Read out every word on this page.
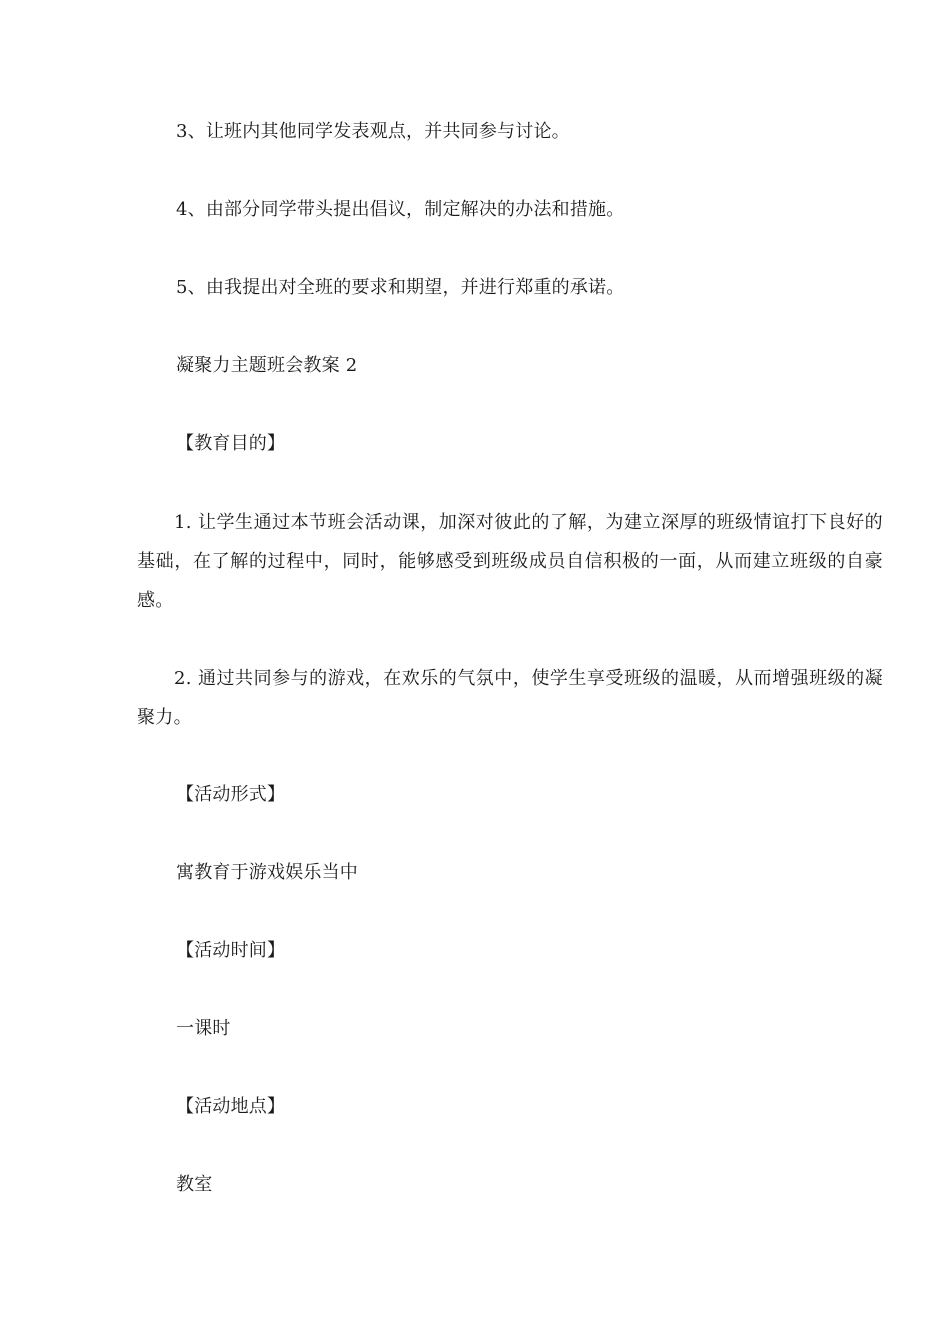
3、让班内其他同学发表观点，并共同参与讨论。
4、由部分同学带头提出倡议，制定解决的办法和措施。
5、由我提出对全班的要求和期望，并进行郑重的承诺。
凝聚力主题班会教案 2
【教育目的】
1. 让学生通过本节班会活动课，加深对彼此的了解，为建立深厚的班级情谊打下良好的基础，在了解的过程中，同时，能够感受到班级成员自信积极的一面，从而建立班级的自豪感。
2. 通过共同参与的游戏，在欢乐的气氛中，使学生享受班级的温暖，从而增强班级的凝聚力。
【活动形式】
寓教育于游戏娱乐当中
【活动时间】
一课时
【活动地点】
教室
